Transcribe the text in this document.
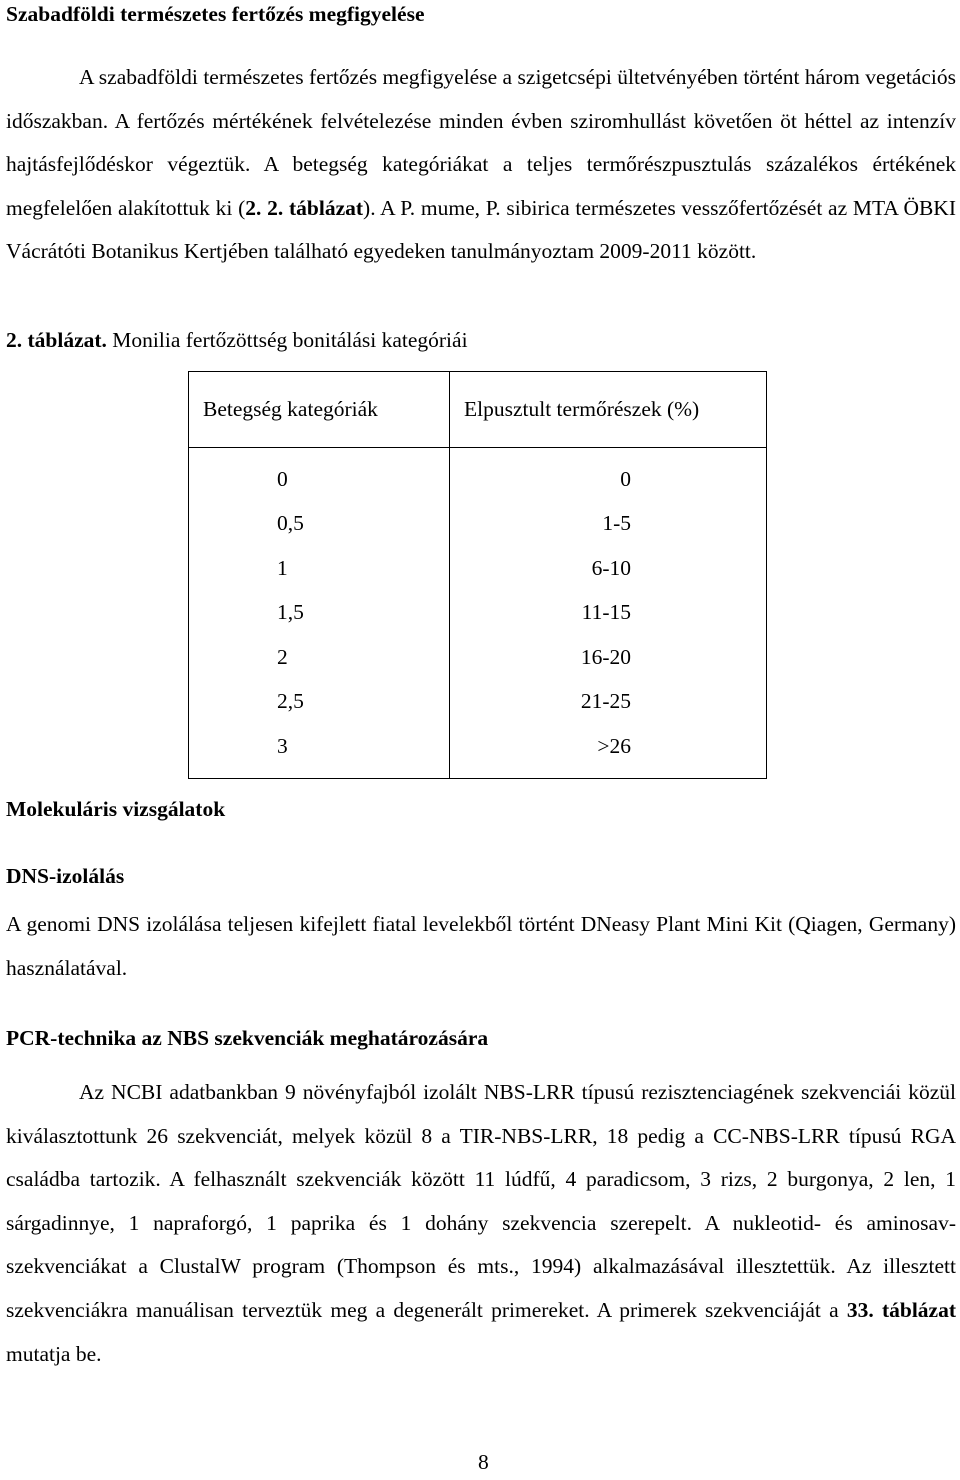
Szabadföldi természetes fertőzés megfigyelése
A szabadföldi természetes fertőzés megfigyelése a szigetcsépi ültetvényében történt három vegetációs időszakban. A fertőzés mértékének felvételezése minden évben sziromhullást követően öt héttel az intenzív hajtásfejlődéskor végeztük. A betegség kategóriákat a teljes termőrészpusztulás százalékos értékének megfelelően alakítottuk ki (2. 2. táblázat). A P. mume, P. sibirica természetes vesszőfertőzését az MTA ÖBKI Vácrátóti Botanikus Kertjében található egyedeken tanulmányoztam 2009-2011 között.
2. táblázat. Monilia fertőzöttség bonitálási kategóriái
Molekuláris vizsgálatok
DNS-izolálás
A genomi DNS izolálása teljesen kifejlett fiatal levelekből történt DNeasy Plant Mini Kit (Qiagen, Germany) használatával.
PCR-technika az NBS szekvenciák meghatározására
Az NCBI adatbankban 9 növényfajból izolált NBS-LRR típusú rezisztenciagének szekvenciái közül kiválasztottunk 26 szekvenciát, melyek közül 8 a TIR-NBS-LRR, 18 pedig a CC-NBS-LRR típusú RGA családba tartozik. A felhasznált szekvenciák között 11 lúdfű, 4 paradicsom, 3 rizs, 2 burgonya, 2 len, 1 sárgadinnye, 1 napraforgó, 1 paprika és 1 dohány szekvencia szerepelt. A nukleotid- és aminosav-szekvenciákat a ClustalW program (Thompson és mts., 1994) alkalmazásával illesztettük. Az illesztett szekvenciákra manuálisan terveztük meg a degenerált primereket. A primerek szekvenciáját a 33. táblázat mutatja be.
Betegség kategóriák	Elpusztult termőrészek (%)
0	0
0,5	1-5
1	6-10
1,5	11-15
2	16-20
2,5	21-25
3	>26
8
